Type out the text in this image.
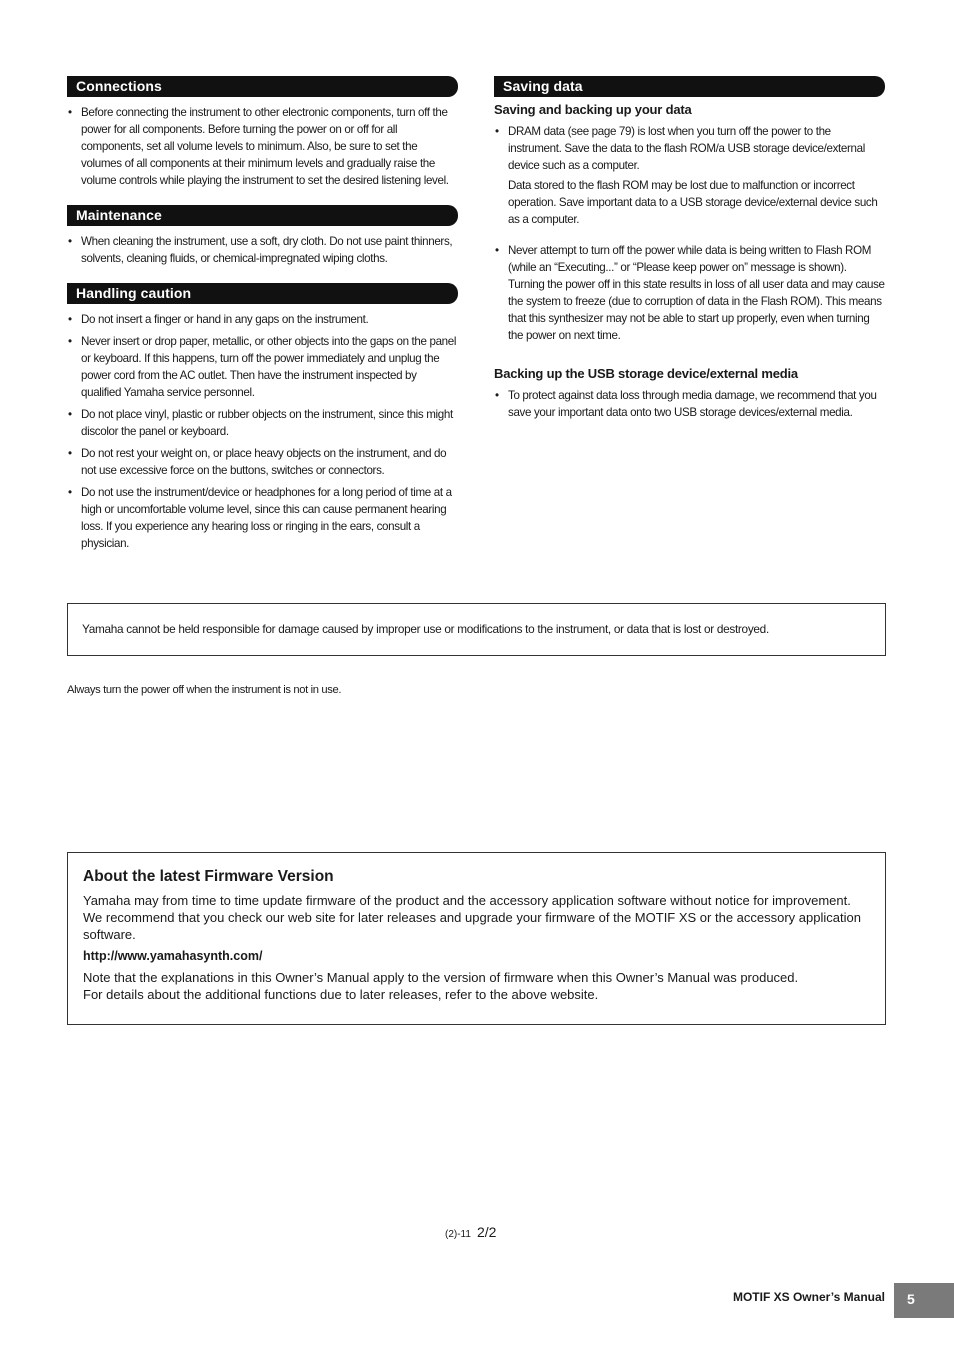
Connections
• Before connecting the instrument to other electronic components, turn off the power for all components. Before turning the power on or off for all components, set all volume levels to minimum. Also, be sure to set the volumes of all components at their minimum levels and gradually raise the volume controls while playing the instrument to set the desired listening level.
Maintenance
• When cleaning the instrument, use a soft, dry cloth. Do not use paint thinners, solvents, cleaning fluids, or chemical-impregnated wiping cloths.
Handling caution
• Do not insert a finger or hand in any gaps on the instrument.
• Never insert or drop paper, metallic, or other objects into the gaps on the panel or keyboard. If this happens, turn off the power immediately and unplug the power cord from the AC outlet. Then have the instrument inspected by qualified Yamaha service personnel.
• Do not place vinyl, plastic or rubber objects on the instrument, since this might discolor the panel or keyboard.
• Do not rest your weight on, or place heavy objects on the instrument, and do not use excessive force on the buttons, switches or connectors.
• Do not use the instrument/device or headphones for a long period of time at a high or uncomfortable volume level, since this can cause permanent hearing loss. If you experience any hearing loss or ringing in the ears, consult a physician.
Saving data
Saving and backing up your data
• DRAM data (see page 79) is lost when you turn off the power to the instrument. Save the data to the flash ROM/a USB storage device/external device such as a computer.
Data stored to the flash ROM may be lost due to malfunction or incorrect operation. Save important data to a USB storage device/external device such as a computer.
• Never attempt to turn off the power while data is being written to Flash ROM (while an “Executing...” or “Please keep power on” message is shown). Turning the power off in this state results in loss of all user data and may cause the system to freeze (due to corruption of data in the Flash ROM). This means that this synthesizer may not be able to start up properly, even when turning the power on next time.
Backing up the USB storage device/external media
• To protect against data loss through media damage, we recommend that you save your important data onto two USB storage devices/external media.
Yamaha cannot be held responsible for damage caused by improper use or modifications to the instrument, or data that is lost or destroyed.
Always turn the power off when the instrument is not in use.
About the latest Firmware Version

Yamaha may from time to time update firmware of the product and the accessory application software without notice for improvement. We recommend that you check our web site for later releases and upgrade your firmware of the MOTIF XS or the accessory application software.

http://www.yamahasynth.com/

Note that the explanations in this Owner’s Manual apply to the version of firmware when this Owner’s Manual was produced.

For details about the additional functions due to later releases, refer to the above website.

(2)-11 2/2
MOTIF XS Owner’s Manual 5
